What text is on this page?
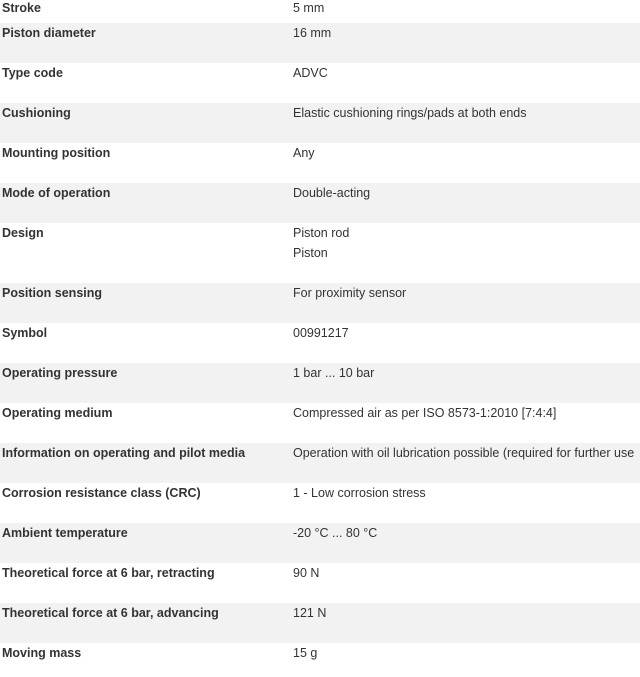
Stroke	5 mm
Piston diameter	16 mm
Type code	ADVC
Cushioning	Elastic cushioning rings/pads at both ends
Mounting position	Any
Mode of operation	Double-acting
Design	Piston rod
Piston
Position sensing	For proximity sensor
Symbol	00991217
Operating pressure	1 bar ... 10 bar
Operating medium	Compressed air as per ISO 8573-1:2010 [7:4:4]
Information on operating and pilot media	Operation with oil lubrication possible (required for further use
Corrosion resistance class (CRC)	1 - Low corrosion stress
Ambient temperature	-20 °C ... 80 °C
Theoretical force at 6 bar, retracting	90 N
Theoretical force at 6 bar, advancing	121 N
Moving mass	15 g
